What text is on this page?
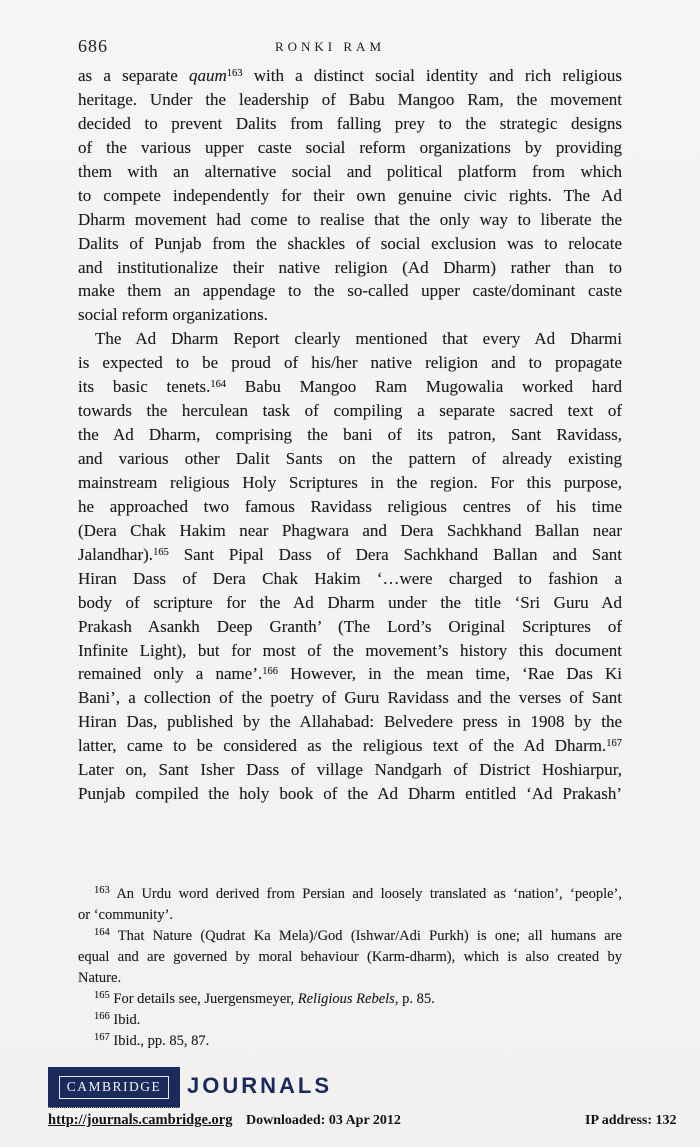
686	RONKI RAM
as a separate qaum$^{163}$ with a distinct social identity and rich religious
heritage. Under the leadership of Babu Mangoo Ram, the movement
decided to prevent Dalits from falling prey to the strategic designs
of the various upper caste social reform organizations by providing
them with an alternative social and political platform from which
to compete independently for their own genuine civic rights. The Ad
Dharm movement had come to realise that the only way to liberate the
Dalits of Punjab from the shackles of social exclusion was to relocate
and institutionalize their native religion (Ad Dharm) rather than to
make them an appendage to the so-called upper caste/dominant caste
social reform organizations.
The Ad Dharm Report clearly mentioned that every Ad Dharmi
is expected to be proud of his/her native religion and to propagate
its basic tenets.$^{164}$ Babu Mangoo Ram Mugowalia worked hard
towards the herculean task of compiling a separate sacred text of
the Ad Dharm, comprising the bani of its patron, Sant Ravidass,
and various other Dalit Sants on the pattern of already existing
mainstream religious Holy Scriptures in the region. For this purpose,
he approached two famous Ravidass religious centres of his time
(Dera Chak Hakim near Phagwara and Dera Sachkhand Ballan near
Jalandhar).$^{165}$ Sant Pipal Dass of Dera Sachkhand Ballan and Sant
Hiran Dass of Dera Chak Hakim ‘…were charged to fashion a
body of scripture for the Ad Dharm under the title ‘Sri Guru Ad
Prakash Asankh Deep Granth’ (The Lord’s Original Scriptures of
Infinite Light), but for most of the movement’s history this document
remained only a name’.$^{166}$ However, in the mean time, ‘Rae Das Ki
Bani’, a collection of the poetry of Guru Ravidass and the verses of Sant
Hiran Das, published by the Allahabad: Belvedere press in 1908 by the
latter, came to be considered as the religious text of the Ad Dharm.$^{167}$
Later on, Sant Isher Dass of village Nandgarh of District Hoshiarpur,
Punjab compiled the holy book of the Ad Dharm entitled ‘Ad Prakash’
$^{163}$ An Urdu word derived from Persian and loosely translated as ‘nation’, ‘people’,
or ‘community’.
$^{164}$ That Nature (Qudrat Ka Mela)/God (Ishwar/Adi Purkh) is one; all humans are
equal and are governed by moral behaviour (Karm-dharm), which is also created by
Nature.
$^{165}$ For details see, Juergensmeyer, Religious Rebels, p. 85.
$^{166}$ Ibid.
$^{167}$ Ibid., pp. 85, 87.
CAMBRIDGE	JOURNALS
http://journals.cambridge.org Downloaded: 03 Apr 2012	IP address: 132
